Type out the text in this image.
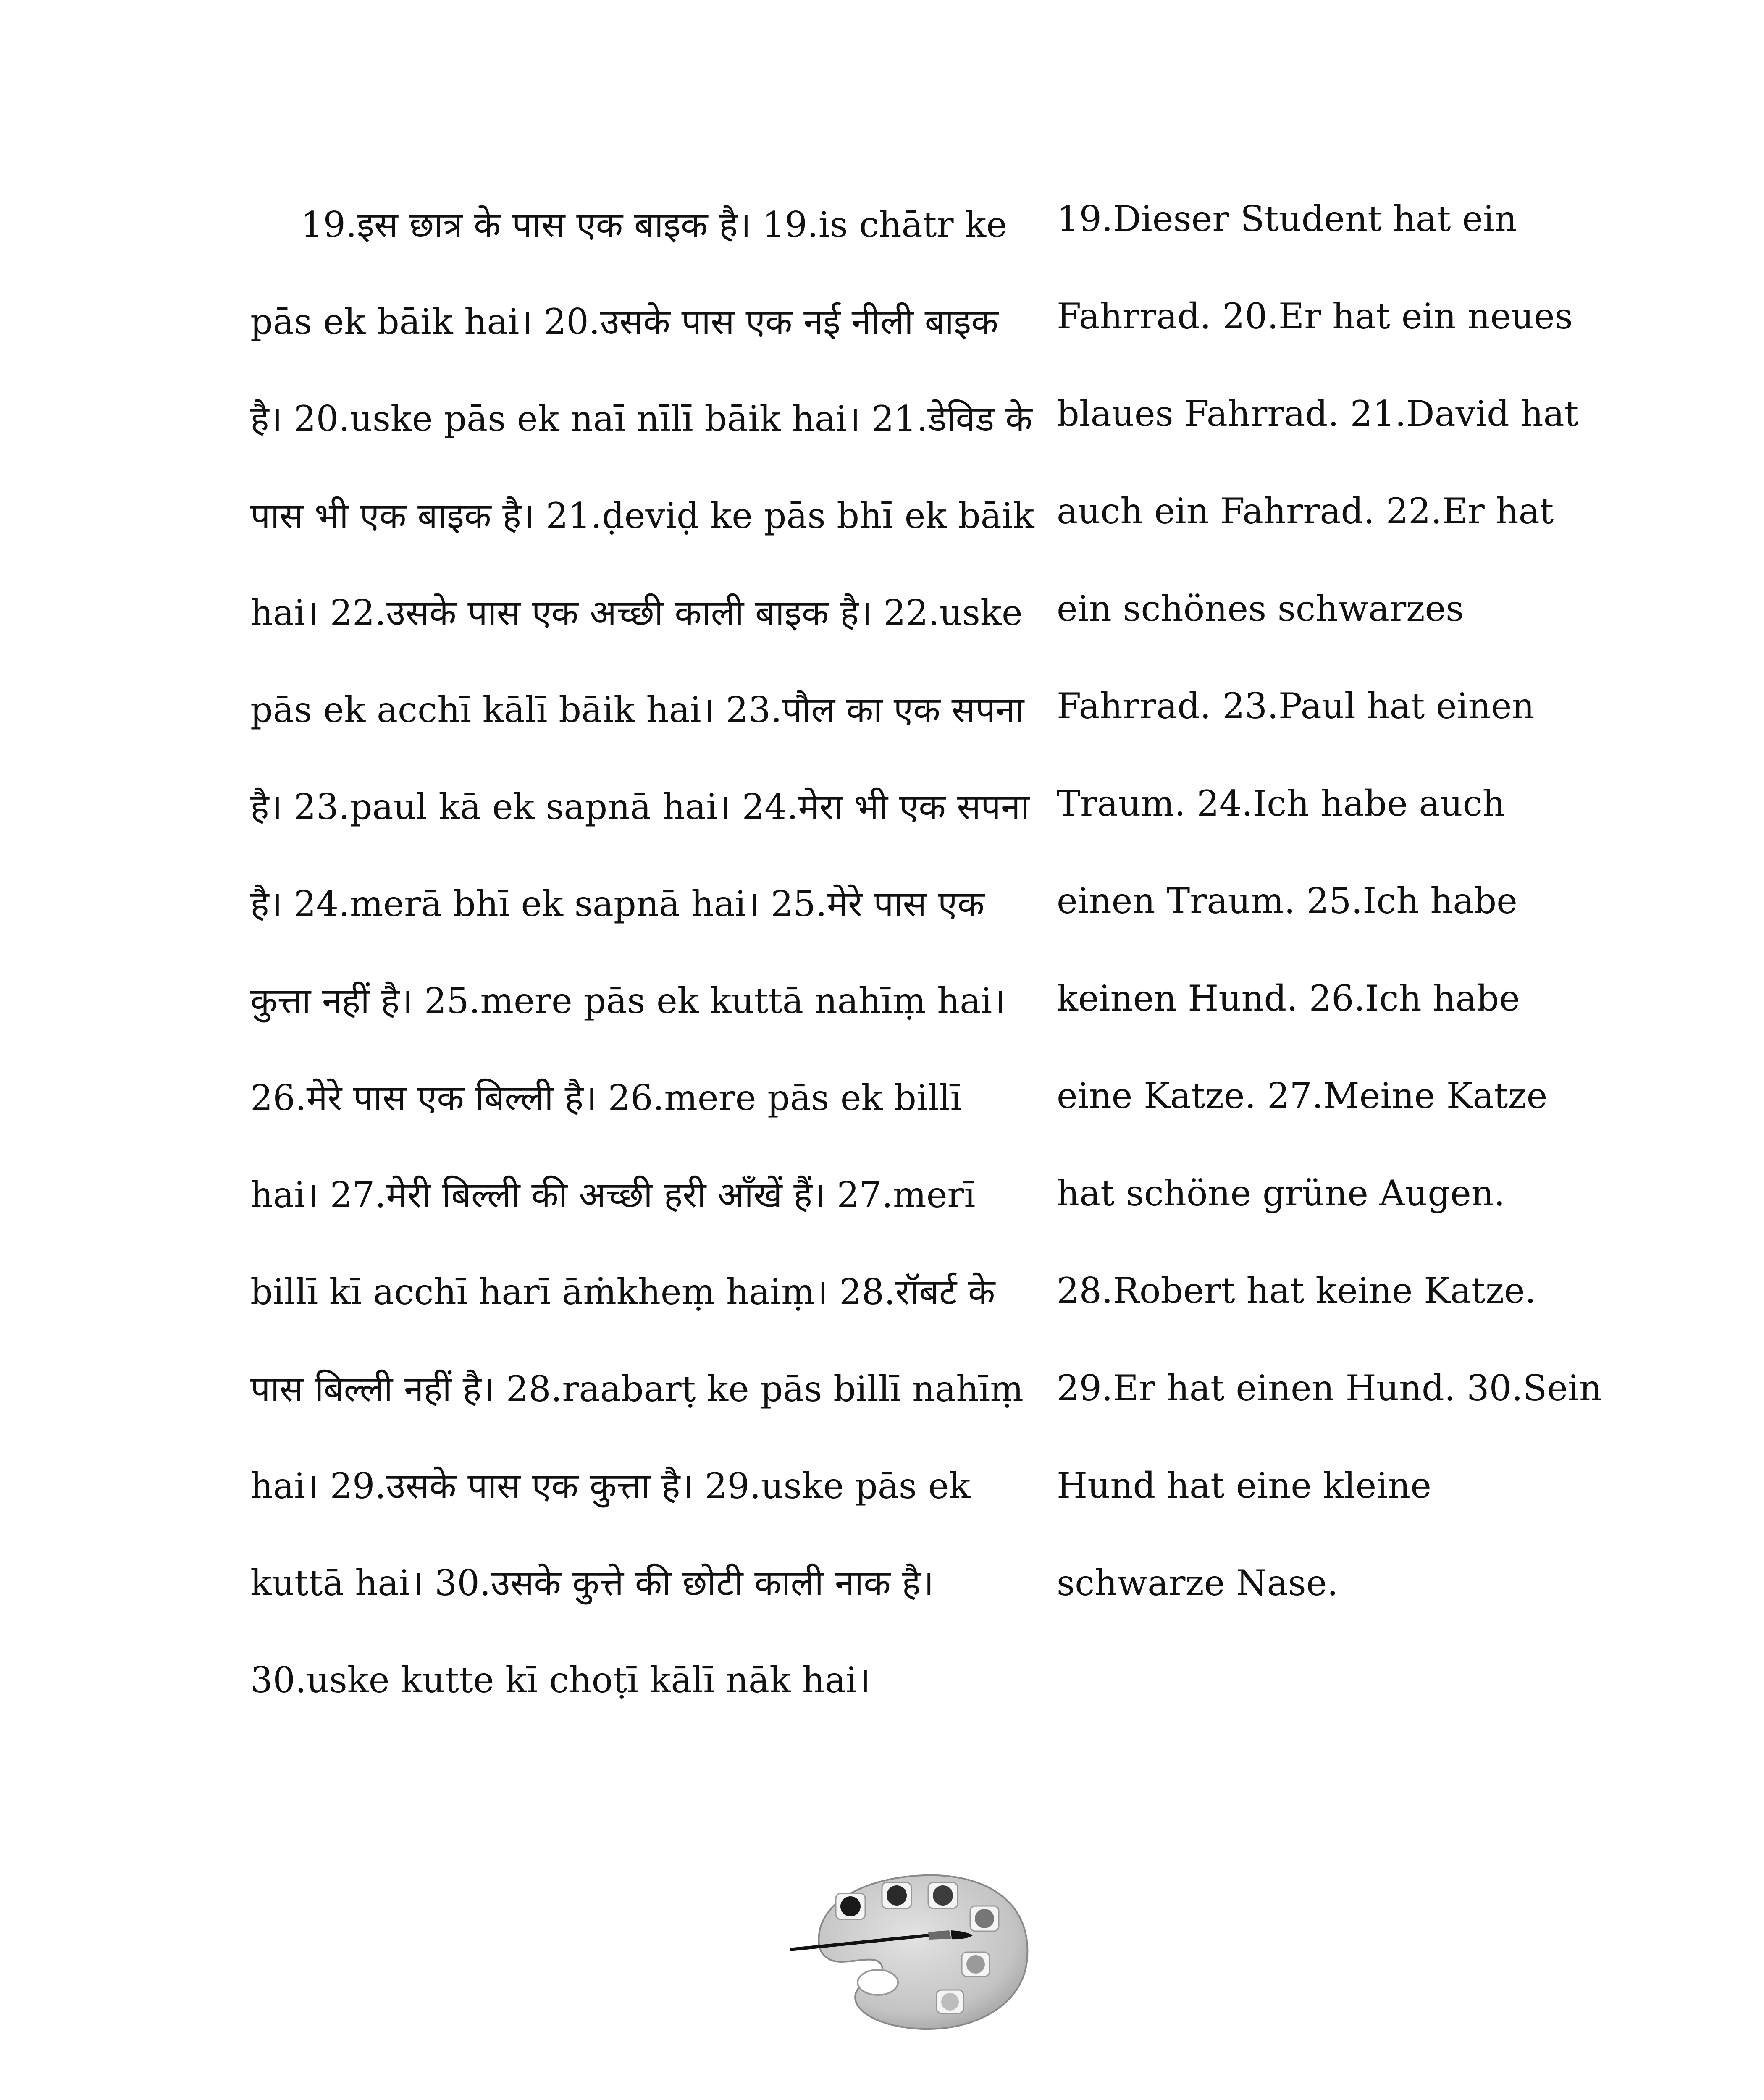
19.इस छात्र के पास एक बाइक है। 19.is chātr ke pās ek bāik hai। 20.उसके पास एक नई नीली बाइक है। 20.uske pās ek naī nīlī bāik hai। 21.डेविड के पास भी एक बाइक है। 21.ḍeviḍ ke pās bhī ek bāik hai। 22.उसके पास एक अच्छी काली बाइक है। 22.uske pās ek acchī kālī bāik hai। 23.पौल का एक सपना है। 23.paul kā ek sapnā hai। 24.मेरा भी एक सपना है। 24.merā bhī ek sapnā hai। 25.मेरे पास एक कुत्ता नहीं है। 25.mere pās ek kuttā nahīṃ hai। 26.मेरे पास एक बिल्ली है। 26.mere pās ek billī hai। 27.मेरी बिल्ली की अच्छी हरी आँखें हैं। 27.merī billī kī acchī harī āṁkheṃ haiṃ। 28.रॉबर्ट के पास बिल्ली नहीं है। 28.raabarṭ ke pās billī nahīṃ hai। 29.उसके पास एक कुत्ता है। 29.uske pās ek kuttā hai। 30.उसके कुत्ते की छोटी काली नाक है। 30.uske kutte kī choṭī kālī nāk hai।

19.Dieser Student hat ein Fahrrad. 20.Er hat ein neues blaues Fahrrad. 21.David hat auch ein Fahrrad. 22.Er hat ein schönes schwarzes Fahrrad. 23.Paul hat einen Traum. 24.Ich habe auch einen Traum. 25.Ich habe keinen Hund. 26.Ich habe eine Katze. 27.Meine Katze hat schöne grüne Augen. 28.Robert hat keine Katze. 29.Er hat einen Hund. 30.Sein Hund hat eine kleine schwarze Nase.
